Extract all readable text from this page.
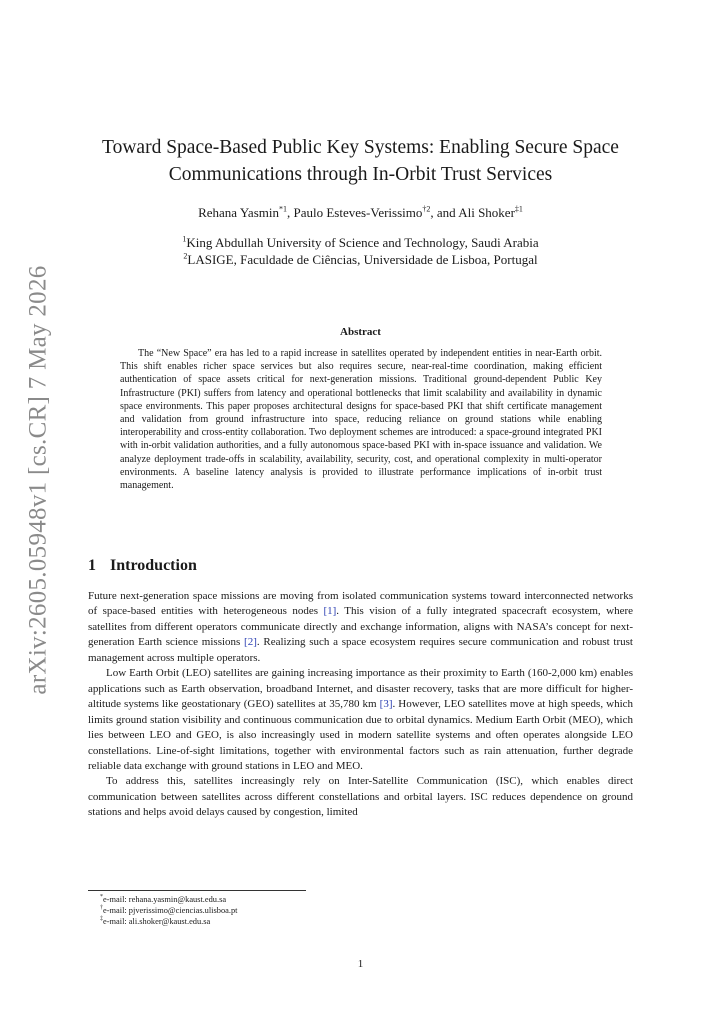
arXiv:2605.05948v1 [cs.CR] 7 May 2026
Toward Space-Based Public Key Systems: Enabling Secure Space Communications through In-Orbit Trust Services
Rehana Yasmin$^{*1}$, Paulo Esteves-Verissimo$^{\dagger 2}$, and Ali Shoker$^{\ddagger 1}$
$^1$King Abdullah University of Science and Technology, Saudi Arabia
$^2$LASIGE, Faculdade de Ciências, Universidade de Lisboa, Portugal
Abstract

The “New Space” era has led to a rapid increase in satellites operated by independent entities in near-Earth orbit. This shift enables richer space services but also requires secure, near-real-time coordination, making efficient authentication of space assets critical for next-generation missions. Traditional ground-dependent Public Key Infrastructure (PKI) suffers from latency and operational bottlenecks that limit scalability and availability in dynamic space environments. This paper proposes architectural designs for space-based PKI that shift certificate management and validation from ground infrastructure into space, reducing reliance on ground stations while enabling interoperability and cross-entity collaboration. Two deployment schemes are introduced: a space-ground integrated PKI with in-orbit validation authorities, and a fully autonomous space-based PKI with in-space issuance and validation. We analyze deployment trade-offs in scalability, availability, security, cost, and operational complexity in multi-operator environments. A baseline latency analysis is provided to illustrate performance implications of in-orbit trust management.

1 Introduction

Future next-generation space missions are moving from isolated communication systems toward interconnected networks of space-based entities with heterogeneous nodes [1]. This vision of a fully integrated spacecraft ecosystem, where satellites from different operators communicate directly and exchange information, aligns with NASA’s concept for next-generation Earth science missions [2]. Realizing such a space ecosystem requires secure communication and robust trust management across multiple operators.

Low Earth Orbit (LEO) satellites are gaining increasing importance as their proximity to Earth (160-2,000 km) enables applications such as Earth observation, broadband Internet, and disaster recovery, tasks that are more difficult for higher-altitude systems like geostationary (GEO) satellites at 35,780 km [3]. However, LEO satellites move at high speeds, which limits ground station visibility and continuous communication due to orbital dynamics. Medium Earth Orbit (MEO), which lies between LEO and GEO, is also increasingly used in modern satellite systems and often operates alongside LEO constellations. Line-of-sight limitations, together with environmental factors such as rain attenuation, further degrade reliable data exchange with ground stations in LEO and MEO.

To address this, satellites increasingly rely on Inter-Satellite Communication (ISC), which enables direct communication between satellites across different constellations and orbital layers. ISC reduces dependence on ground stations and helps avoid delays caused by congestion, limited

*e-mail: rehana.yasmin@kaust.edu.sa
†e-mail: pjverissimo@ciencias.ulisboa.pt
‡e-mail: ali.shoker@kaust.edu.sa
1
